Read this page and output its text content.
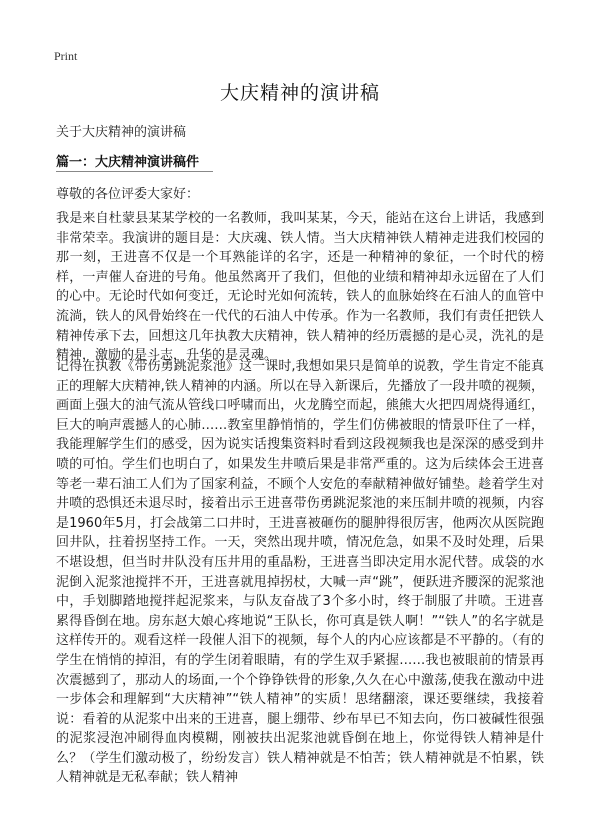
Print
大庆精神的演讲稿
关于大庆精神的演讲稿
篇一：大庆精神演讲稿件
尊敬的各位评委大家好：

我是来自杜蒙县某某学校的一名教师，我叫某某，今天，能站在这台上讲话，我感到非常荣幸。我演讲的题目是：大庆魂、铁人情。当大庆精神铁人精神走进我们校园的那一刻，王进喜不仅是一个耳熟能详的名字，还是一种精神的象征，一个时代的榜样，一声催人奋进的号角。他虽然离开了我们，但他的业绩和精神却永远留在了人们的心中。无论时代如何变迁，无论时光如何流转，铁人的血脉始终在石油人的血管中流淌，铁人的风骨始终在一代代的石油人中传承。作为一名教师，我们有责任把铁人精神传承下去，回想这几年执教大庆精神，铁人精神的经历震撼的是心灵，洗礼的是精神，激励的是斗志，升华的是灵魂。

记得在执教《带伤勇跳泥浆池》这一课时,我想如果只是简单的说教，学生肯定不能真正的理解大庆精神,铁人精神的内涵。所以在导入新课后，先播放了一段井喷的视频，画面上强大的油气流从管线口呼啸而出，火龙腾空而起，熊熊大火把四周烧得通红，巨大的响声震撼人的心肺……教室里静悄悄的，学生们仿佛被眼的情景吓住了一样，我能理解学生们的感受，因为说实话搜集资料时看到这段视频我也是深深的感受到井喷的可怕。学生们也明白了，如果发生井喷后果是非常严重的。这为后续体会王进喜等老一辈石油工人们为了国家利益，不顾个人安危的奉献精神做好铺垫。趁着学生对井喷的恐惧还未退尽时，接着出示王进喜带伤勇跳泥浆池的来压制井喷的视频，内容是1960年5月，打会战第二口井时，王进喜被砸伤的腿肿得很厉害，他两次从医院跑回井队，拄着拐坚持工作。一天，突然出现井喷，情况危急，如果不及时处理，后果不堪设想，但当时井队没有压井用的重晶粉，王进喜当即决定用水泥代替。成袋的水泥倒入泥浆池搅拌不开，王进喜就甩掉拐杖，大喊一声“跳”，便跃进齐腰深的泥浆池中，手划脚踏地搅拌起泥浆来，与队友奋战了3个多小时，终于制服了井喷。王进喜累得昏倒在地。房东赵大娘心疼地说“王队长，你可真是铁人啊！”“铁人”的名字就是这样传开的。观看这样一段催人泪下的视频，每个人的内心应该都是不平静的。（有的学生在悄悄的掉泪，有的学生闭着眼睛，有的学生双手紧握……我也被眼前的情景再次震撼到了，那动人的场面,一个个铮铮铁骨的形象,久久在心中激荡,使我在激动中进一步体会和理解到“大庆精神”“铁人精神”的实质！思绪翻滚，课还要继续，我接着说：看着的从泥浆中出来的王进喜，腿上绷带、纱布早已不知去向，伤口被碱性很强的泥浆浸泡冲刷得血肉模糊，刚被扶出泥浆池就昏倒在地上，你觉得铁人精神是什么？（学生们激动极了，纷纷发言）铁人精神就是不怕苦；铁人精神就是不怕累，铁人精神就是无私奉献；铁人精神
